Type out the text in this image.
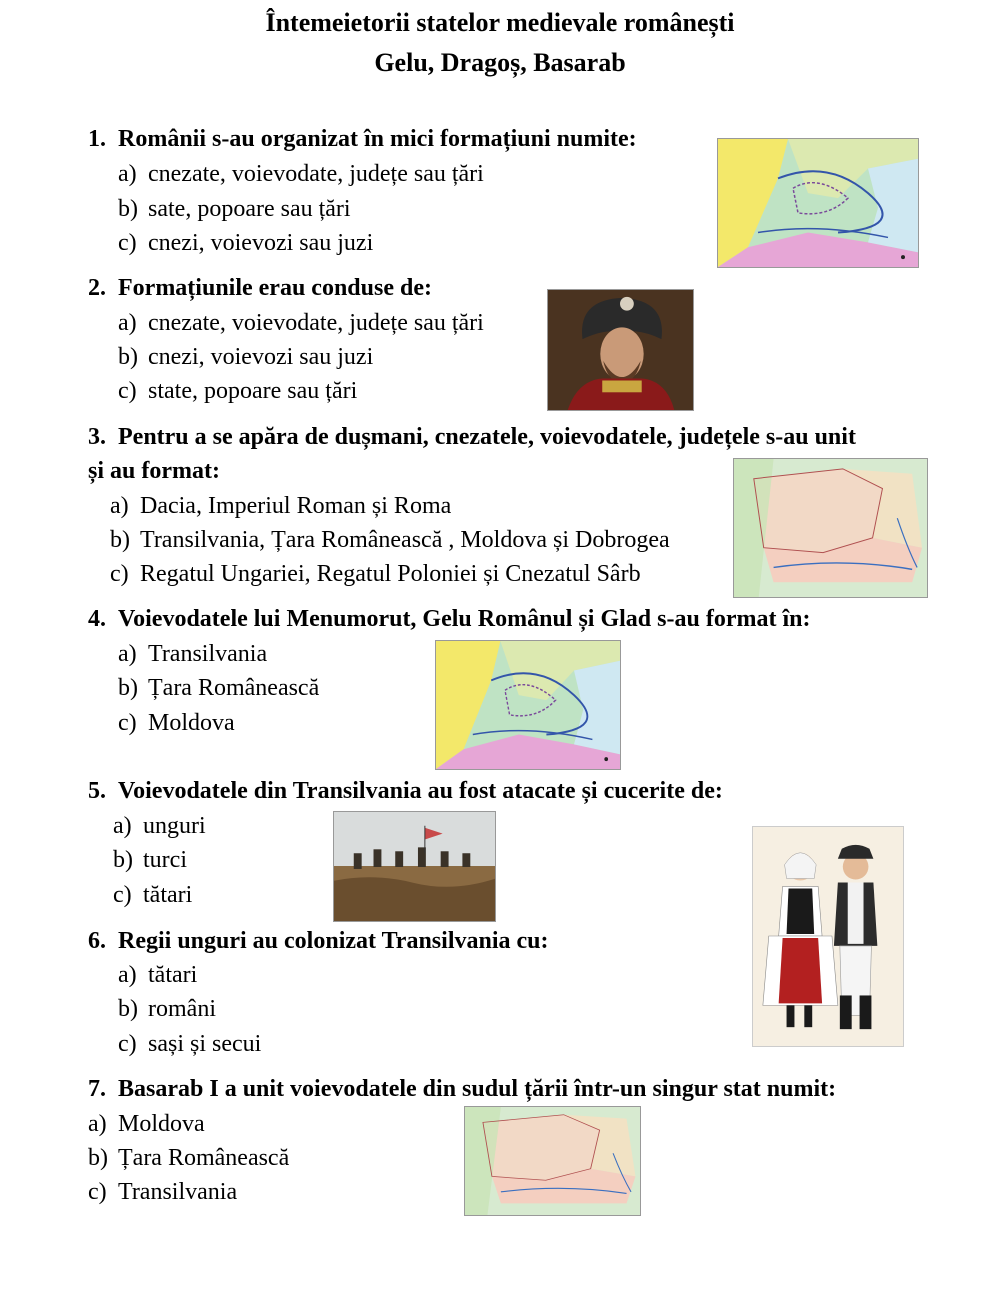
Întemeietorii statelor medievale românești
Gelu, Dragoș, Basarab
1. Românii s-au organizat în mici formațiuni numite:
a) cnezate, voievodate, județe sau țări
b) sate, popoare sau țări
c) cnezi, voievozi sau juzi
2. Formațiunile erau conduse de:
a) cnezate, voievodate, județe sau țări
b) cnezi, voievozi sau juzi
c) state, popoare sau țări
3. Pentru a se apăra de dușmani, cnezatele, voievodatele, județele s-au unit
și au format:
a) Dacia, Imperiul Roman și Roma
b) Transilvania, Țara Românească , Moldova și Dobrogea
c) Regatul Ungariei, Regatul Poloniei și Cnezatul Sârb
4. Voievodatele lui Menumorut, Gelu Românul și Glad s-au format în:
a) Transilvania
b) Țara Românească
c) Moldova
5. Voievodatele din Transilvania au fost atacate și cucerite de:
a) unguri
b) turci
c) tătari
6. Regii unguri au colonizat Transilvania cu:
a) tătari
b) români
c) sași și secui
7. Basarab I a unit voievodatele din sudul țării într-un singur stat numit:
a) Moldova
b) Țara Românească
c) Transilvania
